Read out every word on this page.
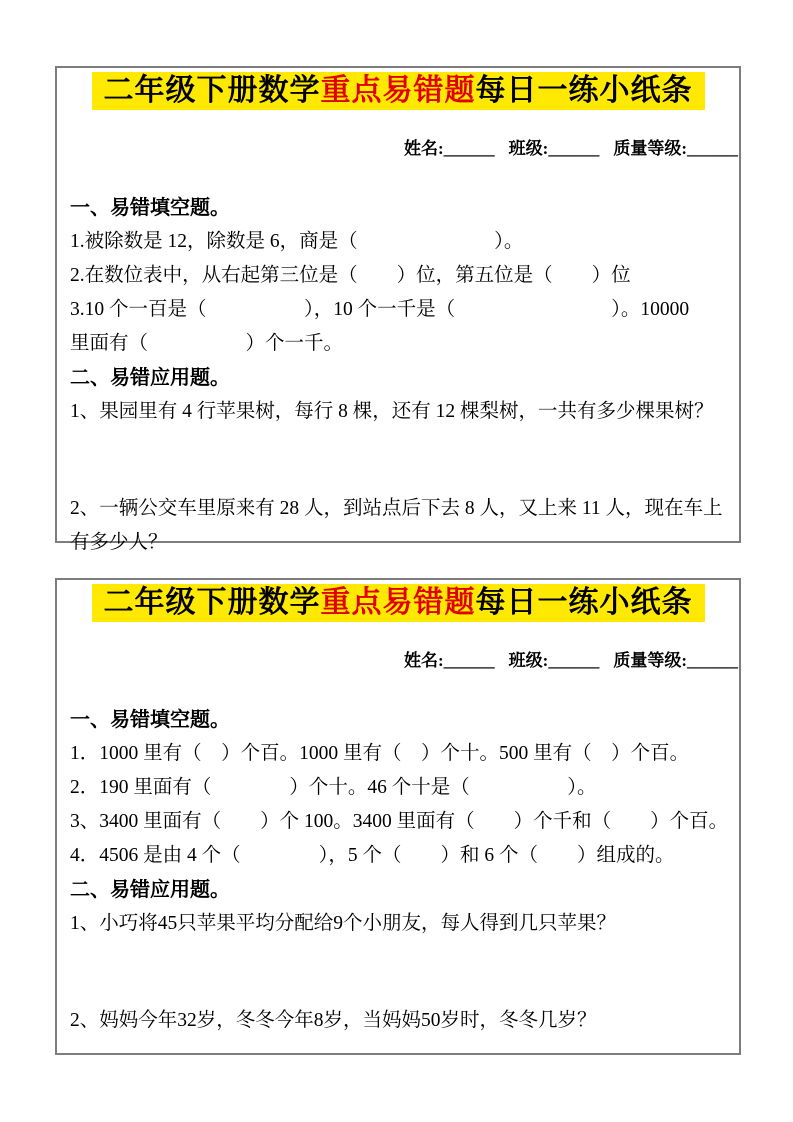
二年级下册数学重点易错题每日一练小纸条

姓名:______ 班级:______ 质量等级:______

一、易错填空题。
1.被除数是 12，除数是 6，商是（　　　　　　　）。
2.在数位表中，从右起第三位是（　　）位，第五位是（　　）位
3.10 个一百是（　　　　　），10 个一千是（　　　　　　　　）。10000
里面有（　　　　　）个一千。
二、易错应用题。
1、果园里有 4 行苹果树，每行 8 棵，还有 12 棵梨树，一共有多少棵果树？
2、一辆公交车里原来有 28 人，到站点后下去 8 人，又上来 11 人，现在车上
有多少人？
二年级下册数学重点易错题每日一练小纸条

姓名:______ 班级:______ 质量等级:______

一、易错填空题。
1．1000 里有（　）个百。1000 里有（　）个十。500 里有（　）个百。
2．190 里面有（　　　　）个十。46 个十是（　　　　　）。
3、3400 里面有（　　）个 100。3400 里面有（　　）个千和（　　）个百。
4．4506 是由 4 个（　　　　），5 个（　　）和 6 个（　　）组成的。
二、易错应用题。
1、小巧将45只苹果平均分配给9个小朋友，每人得到几只苹果？
2、妈妈今年32岁，冬冬今年8岁，当妈妈50岁时，冬冬几岁？
